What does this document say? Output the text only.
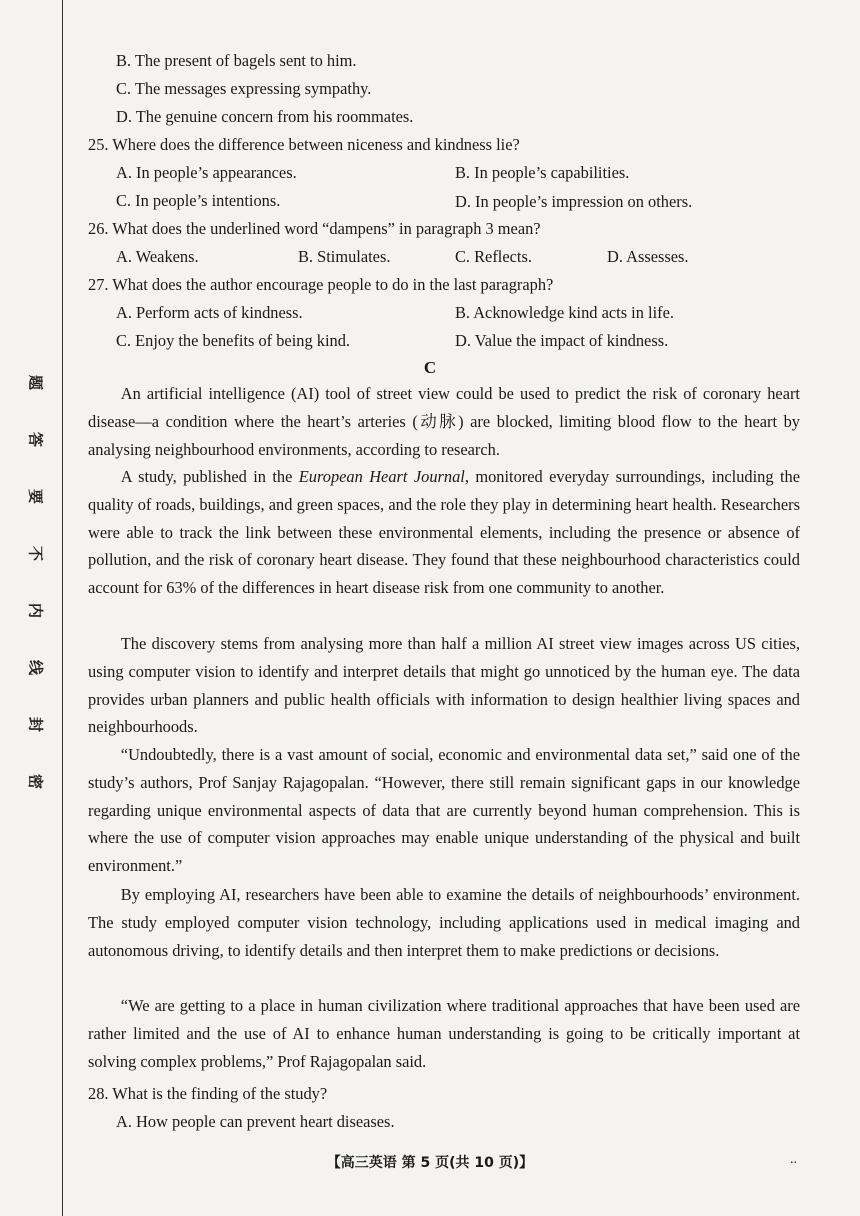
题
答
要
不
内
线
封
密
B. The present of bagels sent to him.
C. The messages expressing sympathy.
D. The genuine concern from his roommates.
25. Where does the difference between niceness and kindness lie?
A. In people’s appearances.	B. In people’s capabilities.
C. In people’s intentions.	D. In people’s impression on others.
26. What does the underlined word “dampens” in paragraph 3 mean?
A. Weakens.	B. Stimulates.	C. Reflects.	D. Assesses.
27. What does the author encourage people to do in the last paragraph?
A. Perform acts of kindness.	B. Acknowledge kind acts in life.
C. Enjoy the benefits of being kind.	D. Value the impact of kindness.
C

An artificial intelligence (AI) tool of street view could be used to predict the risk of coronary heart disease—a condition where the heart’s arteries (动脉) are blocked, limiting blood flow to the heart by analysing neighbourhood environments, according to research.

A study, published in the European Heart Journal, monitored everyday surroundings, including the quality of roads, buildings, and green spaces, and the role they play in determining heart health. Researchers were able to track the link between these environmental elements, including the presence or absence of pollution, and the risk of coronary heart disease. They found that these neighbourhood characteristics could account for 63% of the differences in heart disease risk from one community to another.

The discovery stems from analysing more than half a million AI street view images across US cities, using computer vision to identify and interpret details that might go unnoticed by the human eye. The data provides urban planners and public health officials with information to design healthier living spaces and neighbourhoods.

“Undoubtedly, there is a vast amount of social, economic and environmental data set,” said one of the study’s authors, Prof Sanjay Rajagopalan. “However, there still remain significant gaps in our knowledge regarding unique environmental aspects of data that are currently beyond human comprehension. This is where the use of computer vision approaches may enable unique understanding of the physical and built environment.”

By employing AI, researchers have been able to examine the details of neighbourhoods’ environment. The study employed computer vision technology, including applications used in medical imaging and autonomous driving, to identify details and then interpret them to make predictions or decisions.

“We are getting to a place in human civilization where traditional approaches that have been used are rather limited and the use of AI to enhance human understanding is going to be critically important at solving complex problems,” Prof Rajagopalan said.

28. What is the finding of the study?
A. How people can prevent heart diseases.
【高三英语 第 5 页(共 10 页)】	..
